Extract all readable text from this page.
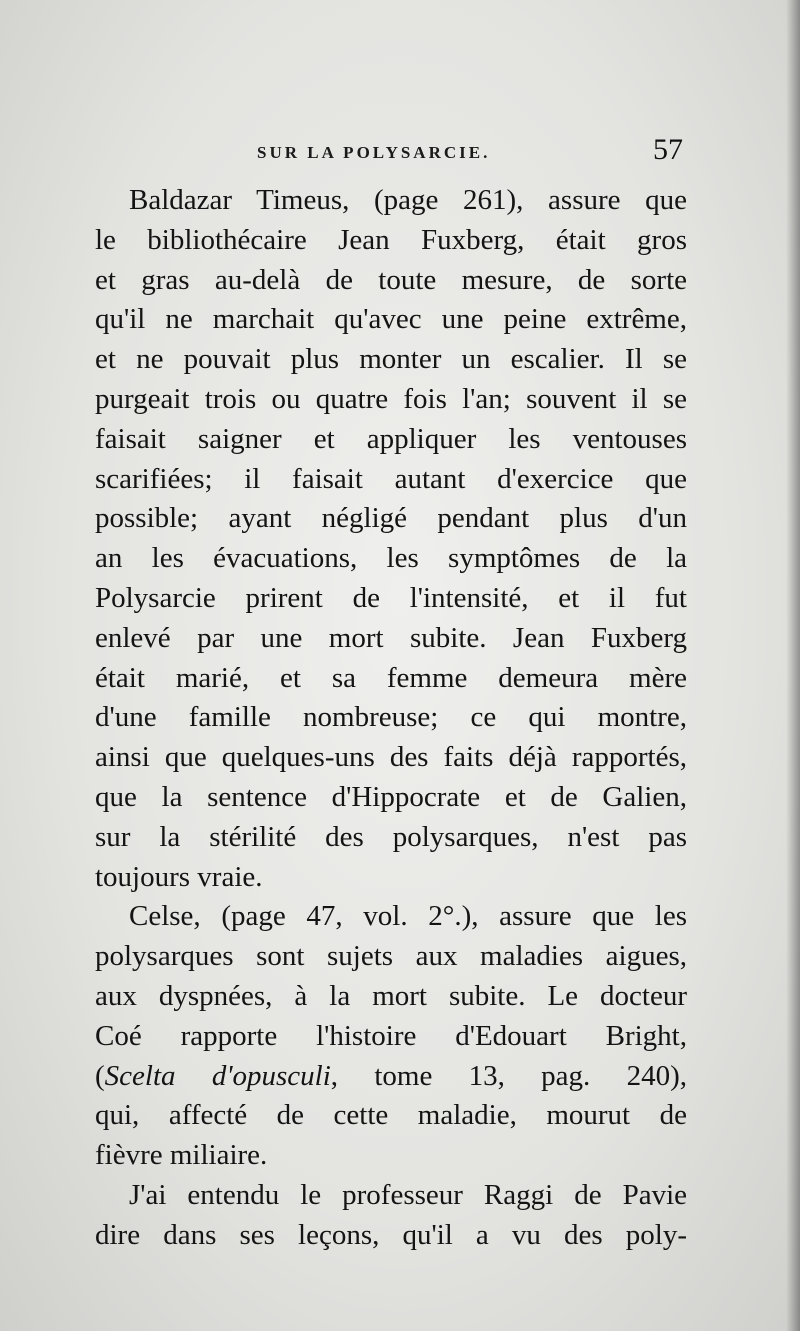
SUR LA POLYSARCIE.	57
Baldazar Timeus, (page 261), assure que
le bibliothécaire Jean Fuxberg, était gros
et gras au-delà de toute mesure, de sorte
qu'il ne marchait qu'avec une peine extrême,
et ne pouvait plus monter un escalier. Il se
purgeait trois ou quatre fois l'an; souvent il se
faisait saigner et appliquer les ventouses
scarifiées; il faisait autant d'exercice que
possible; ayant négligé pendant plus d'un
an les évacuations, les symptômes de la
Polysarcie prirent de l'intensité, et il fut
enlevé par une mort subite. Jean Fuxberg
était marié, et sa femme demeura mère
d'une famille nombreuse; ce qui montre,
ainsi que quelques-uns des faits déjà rapportés,
que la sentence d'Hippocrate et de Galien,
sur la stérilité des polysarques, n'est pas
toujours vraie.
Celse, (page 47, vol. 2°.), assure que les
polysarques sont sujets aux maladies aigues,
aux dyspnées, à la mort subite. Le docteur
Coé rapporte l'histoire d'Edouart Bright,
(Scelta d'opusculi, tome 13, pag. 240),
qui, affecté de cette maladie, mourut de
fièvre miliaire.
J'ai entendu le professeur Raggi de Pavie
dire dans ses leçons, qu'il a vu des poly-
